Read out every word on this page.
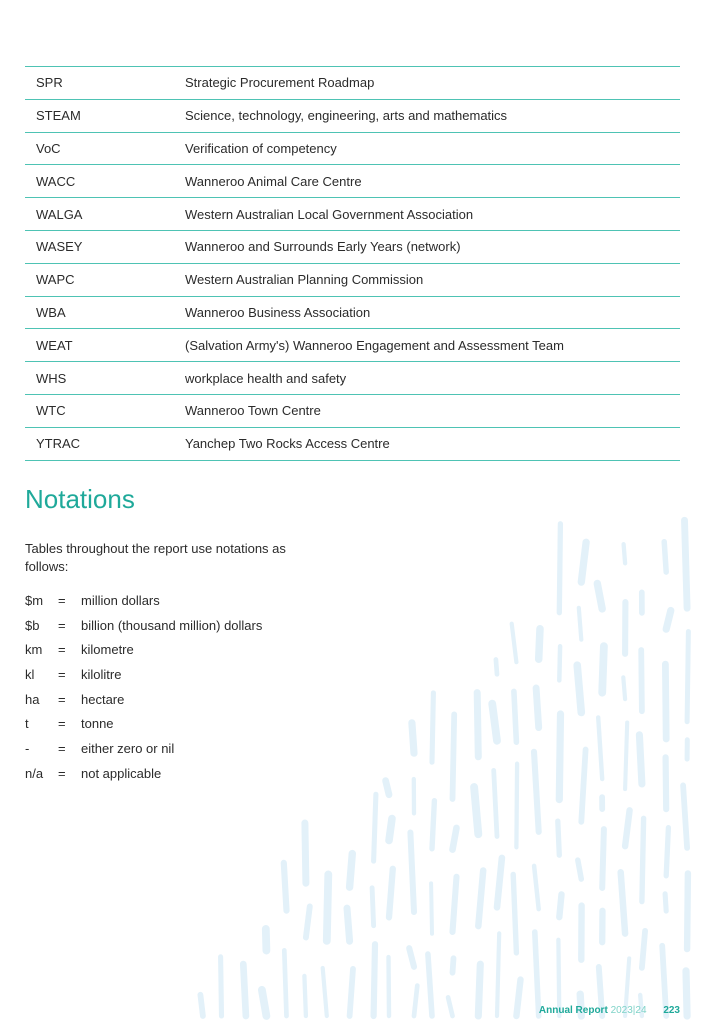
SPR	Strategic Procurement Roadmap
STEAM	Science, technology, engineering, arts and mathematics
VoC	Verification of competency
WACC	Wanneroo Animal Care Centre
WALGA	Western Australian Local Government Association
WASEY	Wanneroo and Surrounds Early Years (network)
WAPC	Western Australian Planning Commission
WBA	Wanneroo Business Association
WEAT	(Salvation Army's) Wanneroo Engagement and Assessment Team
WHS	workplace health and safety
WTC	Wanneroo Town Centre
YTRAC	Yanchep Two Rocks Access Centre
Notations

Tables throughout the report use notations as follows:

$m = million dollars
$b = billion (thousand million) dollars
km = kilometre
kl = kilolitre
ha = hectare
t = tonne
- = either zero or nil
n/a = not applicable
Annual Report 2023|24 223
